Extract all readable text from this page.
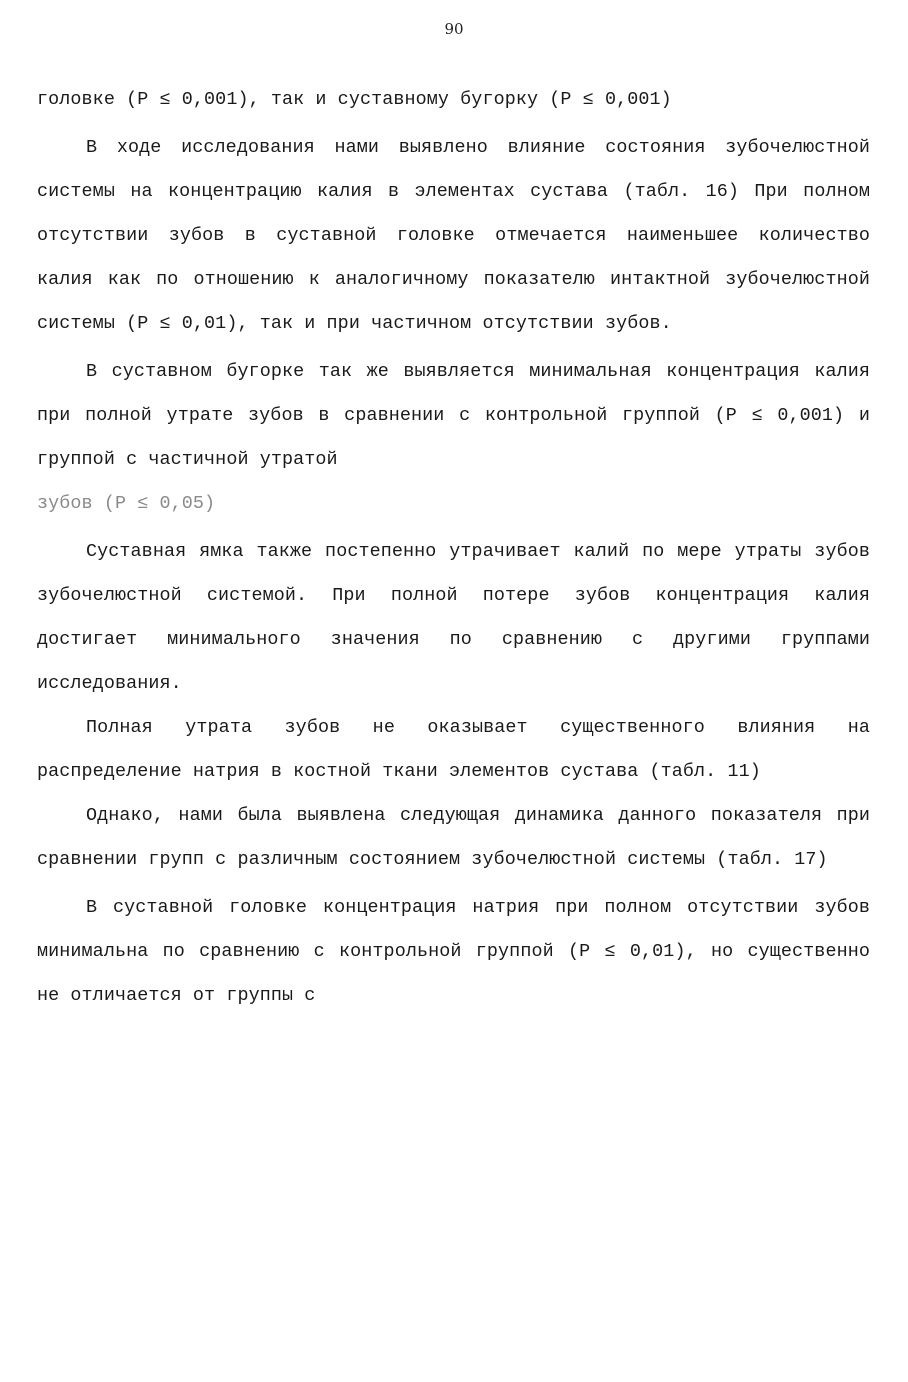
90

головке (Р ≤ 0,001), так и суставному бугорку (Р ≤ 0,001)

В ходе исследования нами выявлено влияние состояния зубочелюстной системы на концентрацию калия в элементах сустава (табл. 16) При полном отсутствии зубов в суставной головке отмечается наименьшее количество калия как по отношению к аналогичному показателю интактной зубочелюстной системы (Р ≤ 0,01), так и при частичном отсутствии зубов.

В суставном бугорке так же выявляется минимальная концентрация калия при полной утрате зубов в сравнении с контрольной группой (Р ≤ 0,001) и группой с частичной утратой

зубов (Р ≤ 0,05)

Суставная ямка также постепенно утрачивает калий по мере утраты зубов зубочелюстной системой. При полной потере зубов концентрация калия достигает минимального значения по сравнению с другими группами исследования.

Полная утрата зубов не оказывает существенного влияния на распределение натрия в костной ткани элементов сустава (табл. 11)

Однако, нами была выявлена следующая динамика данного показателя при сравнении групп с различным состоянием зубочелюстной системы (табл. 17)

В суставной головке концентрация натрия при полном отсутствии зубов минимальна по сравнению с контрольной группой (Р ≤ 0,01), но существенно не отличается от группы с
